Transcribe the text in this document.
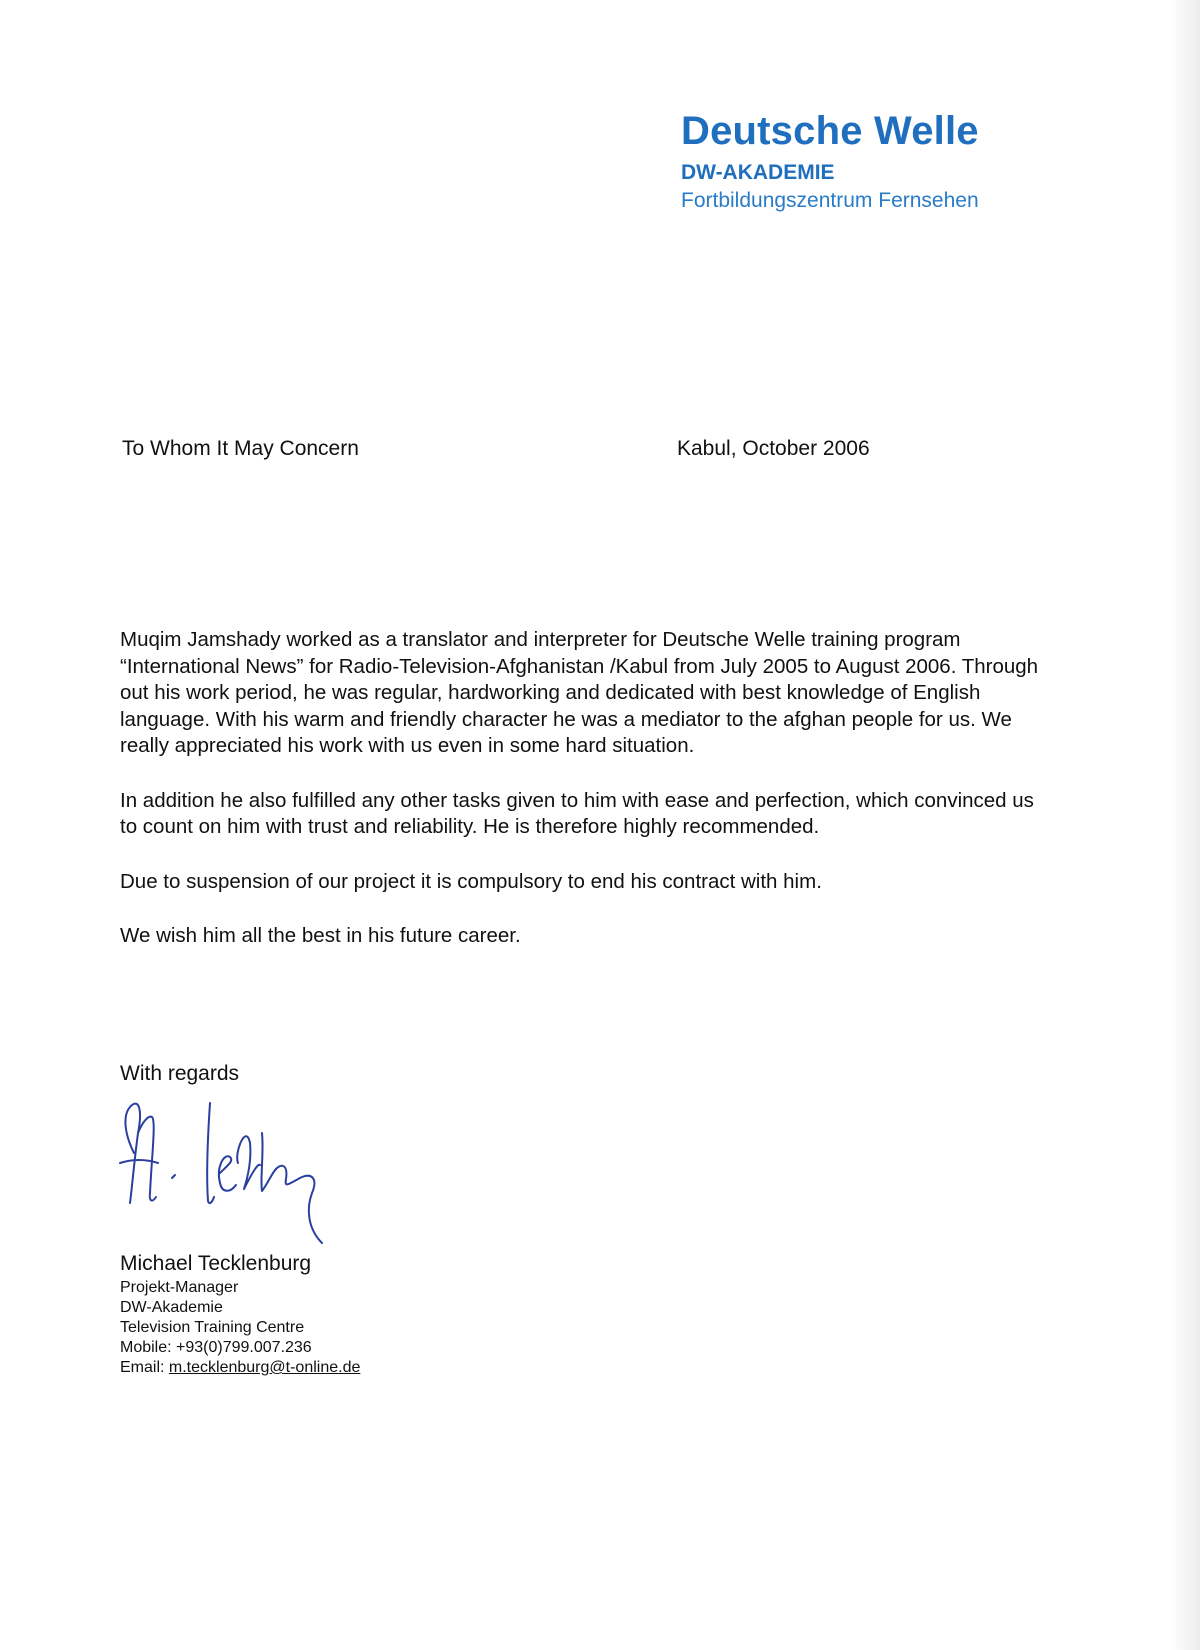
Deutsche Welle
DW-AKADEMIE
Fortbildungszentrum Fernsehen
To Whom It May Concern	Kabul, October 2006

Muqim Jamshady worked as a translator and interpreter for Deutsche Welle training program “International News” for Radio-Television-Afghanistan /Kabul from July 2005 to August 2006. Through out his work period, he was regular, hardworking and dedicated with best knowledge of English language. With his warm and friendly character he was a mediator to the afghan people for us. We really appreciated his work with us even in some hard situation.

In addition he also fulfilled any other tasks given to him with ease and perfection, which convinced us to count on him with trust and reliability. He is therefore highly recommended.

Due to suspension of our project it is compulsory to end his contract with him.

We wish him all the best in his future career.

With regards
Michael Tecklenburg
Projekt-Manager
DW-Akademie
Television Training Centre
Mobile: +93(0)799.007.236
Email: m.tecklenburg@t-online.de
